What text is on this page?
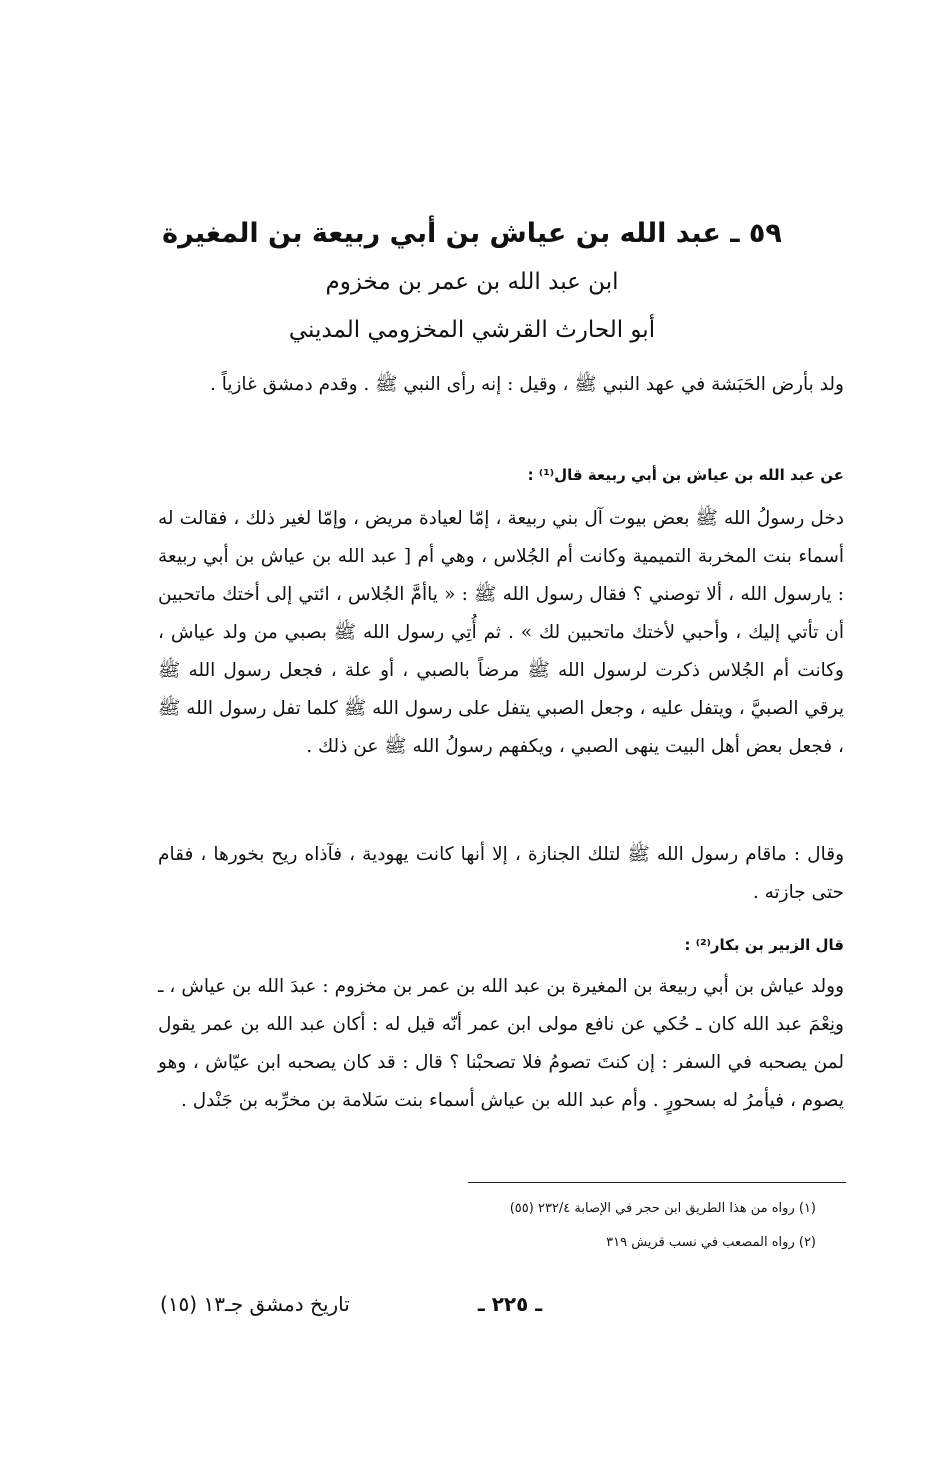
٥٩ ـ عبد الله بن عياش بن أبي ربيعة بن المغيرة
ابن عبد الله بن عمر بن مخزوم
أبو الحارث القرشي المخزومي المديني

ولد بأرض الحَبَشة في عهد النبي ﷺ ، وقيل : إنه رأى النبي ﷺ . وقدم دمشق غازياً .

عن عبد الله بن عياش بن أبي ربيعة قال⁽¹⁾ :

دخل رسولُ الله ﷺ بعض بيوت آل بني ربيعة ، إمّا لعيادة مريض ، وإمّا لغير ذلك ، فقالت له أسماء بنت المخربة التميمية وكانت أم الجُلاس ، وهي أم [ عبد الله بن عياش بن أبي ربيعة : يارسول الله ، ألا توصني ؟ فقال رسول الله ﷺ : « ياأمَّ الجُلاس ، ائتي إلى أختك ماتحبين أن تأتي إليك ، وأحبي لأختك ماتحبين لك » . ثم أُتِي رسول الله ﷺ بصبي من ولد عياش ، وكانت أم الجُلاس ذكرت لرسول الله ﷺ مرضاً بالصبي ، أو علة ، فجعل رسول الله ﷺ يرقي الصبيَّ ، ويتفل عليه ، وجعل الصبي يتفل على رسول الله ﷺ كلما تفل رسول الله ﷺ ، فجعل بعض أهل البيت ينهى الصبي ، ويكفهم رسولُ الله ﷺ عن ذلك .

وقال : ماقام رسول الله ﷺ لتلك الجنازة ، إلا أنها كانت يهودية ، فآذاه ريح بخورها ، فقام حتى جازته .

قال الزبير بن بكار⁽²⁾ :

وولد عياش بن أبي ربيعة بن المغيرة بن عبد الله بن عمر بن مخزوم : عبدَ الله بن عياش ، ـ ونِعْمَ عبد الله كان ـ حُكي عن نافع مولى ابن عمر أنّه قيل له : أكان عبد الله بن عمر يقول لمن يصحبه في السفر : إن كنتَ تصومُ فلا تصحبْنا ؟ قال : قد كان يصحبه ابن عيّاش ، وهو يصوم ، فيأمرُ له بسحورٍ . وأم عبد الله بن عياش أسماء بنت سَلامة بن مخرِّبه بن جَنْدل .

(١) رواه من هذا الطريق ابن حجر في الإصابة ٢٣٢/٤ (٥٥)
(٢) رواه المصعب في نسب قريش ٣١٩
ـ ٢٢٥ ـ
تاريخ دمشق جـ١٣ (١٥)
